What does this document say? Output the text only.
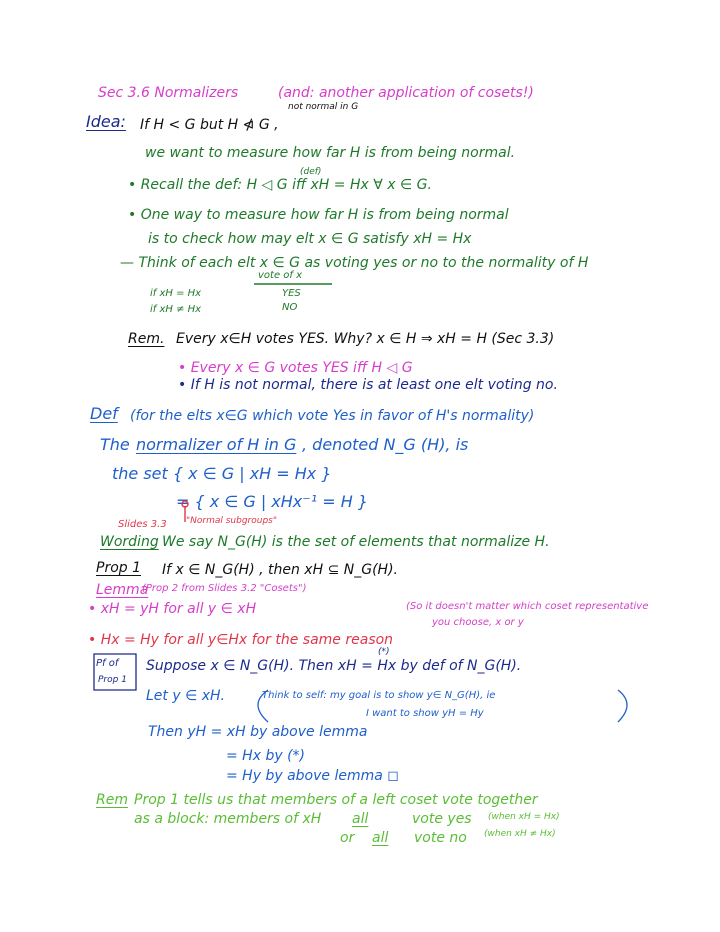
Sec 3.6 Normalizers	(and: another application of cosets!)
Idea: If H < G but H ⋪ G ,
not normal in G
we want to measure how far H is from being normal.
(def)
• Recall the def: H ◁ G iff xH = Hx ∀ x ∈ G.
• One way to measure how far H is from being normal
is to check how may elt x ∈ G satisfy xH = Hx
— Think of each elt x ∈ G as voting yes or no to the normality of H
vote of x
if xH = Hx	YES
if xH ≠ Hx	NO
Rem. Every x∈H votes YES. Why? x ∈ H ⇒ xH = H (Sec 3.3)
• Every x ∈ G votes YES iff H ◁ G
• If H is not normal, there is at least one elt voting no.
Def (for the elts x∈G which vote Yes in favor of H's normality)
The normalizer of H in G , denoted N_G (H), is
the set { x ∈ G | xH = Hx }
= { x ∈ G | xHx⁻¹ = H }
Slides 3.3 "Normal subgroups"
Wording We say N_G(H) is the set of elements that normalize H.
Prop 1 If x ∈ N_G(H) , then xH ⊆ N_G(H).
Lemma
(Prop 2 from Slides 3.2 "Cosets")
• xH = yH for all y ∈ xH	(So it doesn't matter which coset representative
you choose, x or y
• Hx = Hy for all y∈Hx for the same reason
Pf of
Prop 1
Suppose x ∈ N_G(H). Then xH = Hx by def of N_G(H).
(*)
Let y ∈ xH.	Think to self: my goal is to show y∈ N_G(H), ie
I want to show yH = Hy
Then yH = xH by above lemma
= Hx by (*)
= Hy by above lemma ◻
Rem Prop 1 tells us that members of a left coset vote together
as a block: members of xH all	vote yes (when xH = Hx)
or all vote no (when xH ≠ Hx)
